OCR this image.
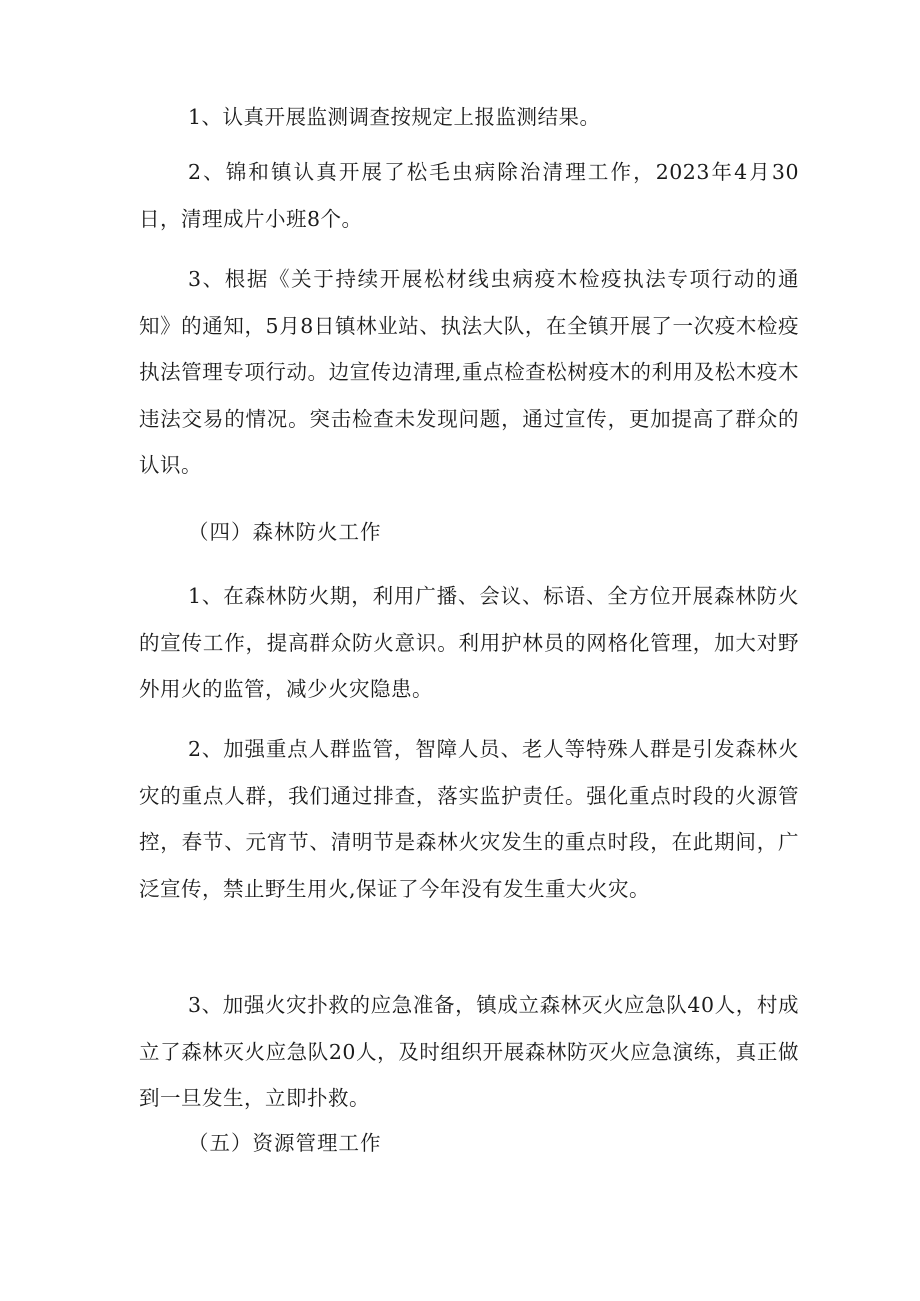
1、认真开展监测调查按规定上报监测结果。

2、锦和镇认真开展了松毛虫病除治清理工作，2023年4月30日，清理成片小班8个。

3、根据《关于持续开展松材线虫病疫木检疫执法专项行动的通知》的通知，5月8日镇林业站、执法大队，在全镇开展了一次疫木检疫执法管理专项行动。边宣传边清理,重点检查松树疫木的利用及松木疫木违法交易的情况。突击检查未发现问题，通过宣传，更加提高了群众的认识。

（四）森林防火工作

1、在森林防火期，利用广播、会议、标语、全方位开展森林防火的宣传工作，提高群众防火意识。利用护林员的网格化管理，加大对野外用火的监管，减少火灾隐患。

2、加强重点人群监管，智障人员、老人等特殊人群是引发森林火灾的重点人群，我们通过排查，落实监护责任。强化重点时段的火源管控，春节、元宵节、清明节是森林火灾发生的重点时段，在此期间，广泛宣传，禁止野生用火,保证了今年没有发生重大火灾。

3、加强火灾扑救的应急准备，镇成立森林灭火应急队40人，村成立了森林灭火应急队20人，及时组织开展森林防灭火应急演练，真正做到一旦发生，立即扑救。

（五）资源管理工作
